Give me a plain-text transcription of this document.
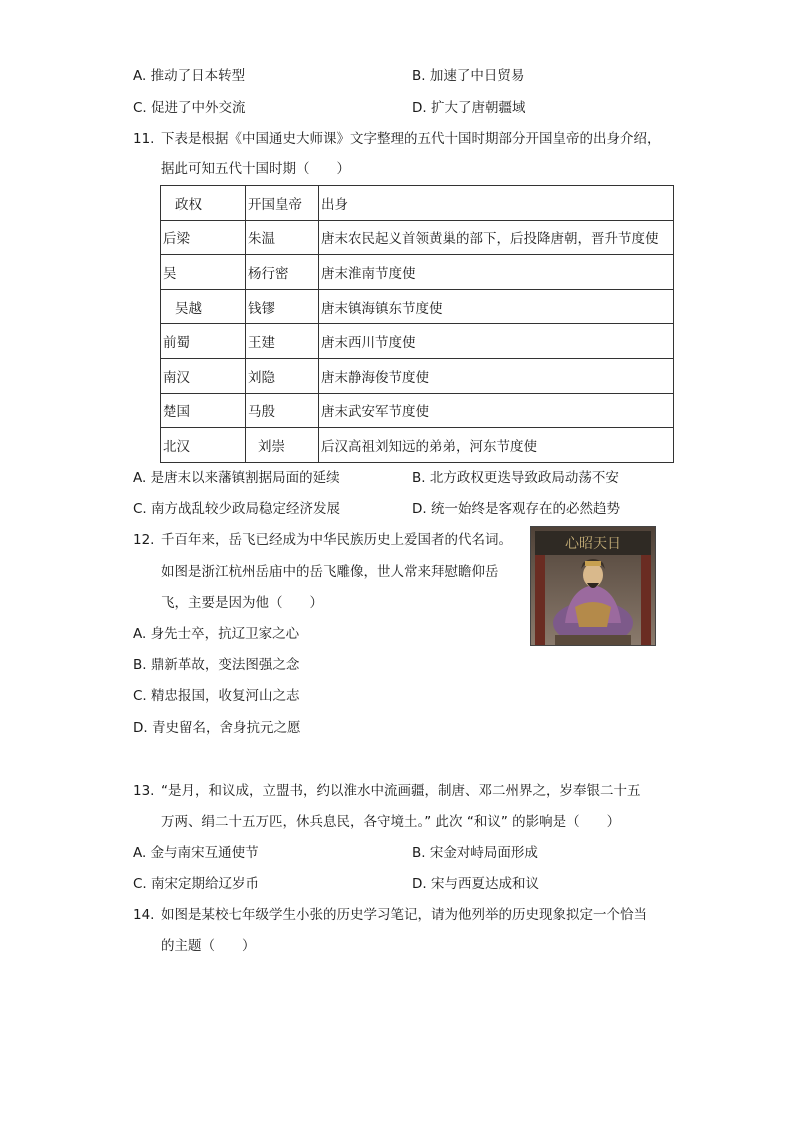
A. 推动了日本转型	B. 加速了中日贸易
C. 促进了中外交流	D. 扩大了唐朝疆域
11. 下表是根据《中国通史大师课》文字整理的五代十国时期部分开国皇帝的出身介绍，
据此可知五代十国时期（　　）
政权	开国皇帝	出身
后梁	朱温	唐末农民起义首领黄巢的部下，后投降唐朝，晋升节度使
吴	杨行密	唐末淮南节度使
吴越	钱镠	唐末镇海镇东节度使
前蜀	王建	唐末西川节度使
南汉	刘隐	唐末静海俊节度使
楚国	马殷	唐末武安军节度使
北汉	刘崇	后汉高祖刘知远的弟弟，河东节度使
A. 是唐末以来藩镇割据局面的延续	B. 北方政权更迭导致政局动荡不安
C. 南方战乱较少政局稳定经济发展	D. 统一始终是客观存在的必然趋势
12. 千百年来，岳飞已经成为中华民族历史上爱国者的代名词。
如图是浙江杭州岳庙中的岳飞雕像，世人常来拜慰瞻仰岳
飞，主要是因为他（　　）
心昭天日
A. 身先士卒，抗辽卫家之心
B. 鼎新革故，变法图强之念
C. 精忠报国，收复河山之志
D. 青史留名，舍身抗元之愿
13. “是月，和议成，立盟书，约以淮水中流画疆，制唐、邓二州界之，岁奉银二十五
万两、绢二十五万匹，休兵息民，各守境土。” 此次 “和议” 的影响是（　　）
A. 金与南宋互通使节	B. 宋金对峙局面形成
C. 南宋定期给辽岁币	D. 宋与西夏达成和议
14. 如图是某校七年级学生小张的历史学习笔记，请为他列举的历史现象拟定一个恰当
的主题（　　）
